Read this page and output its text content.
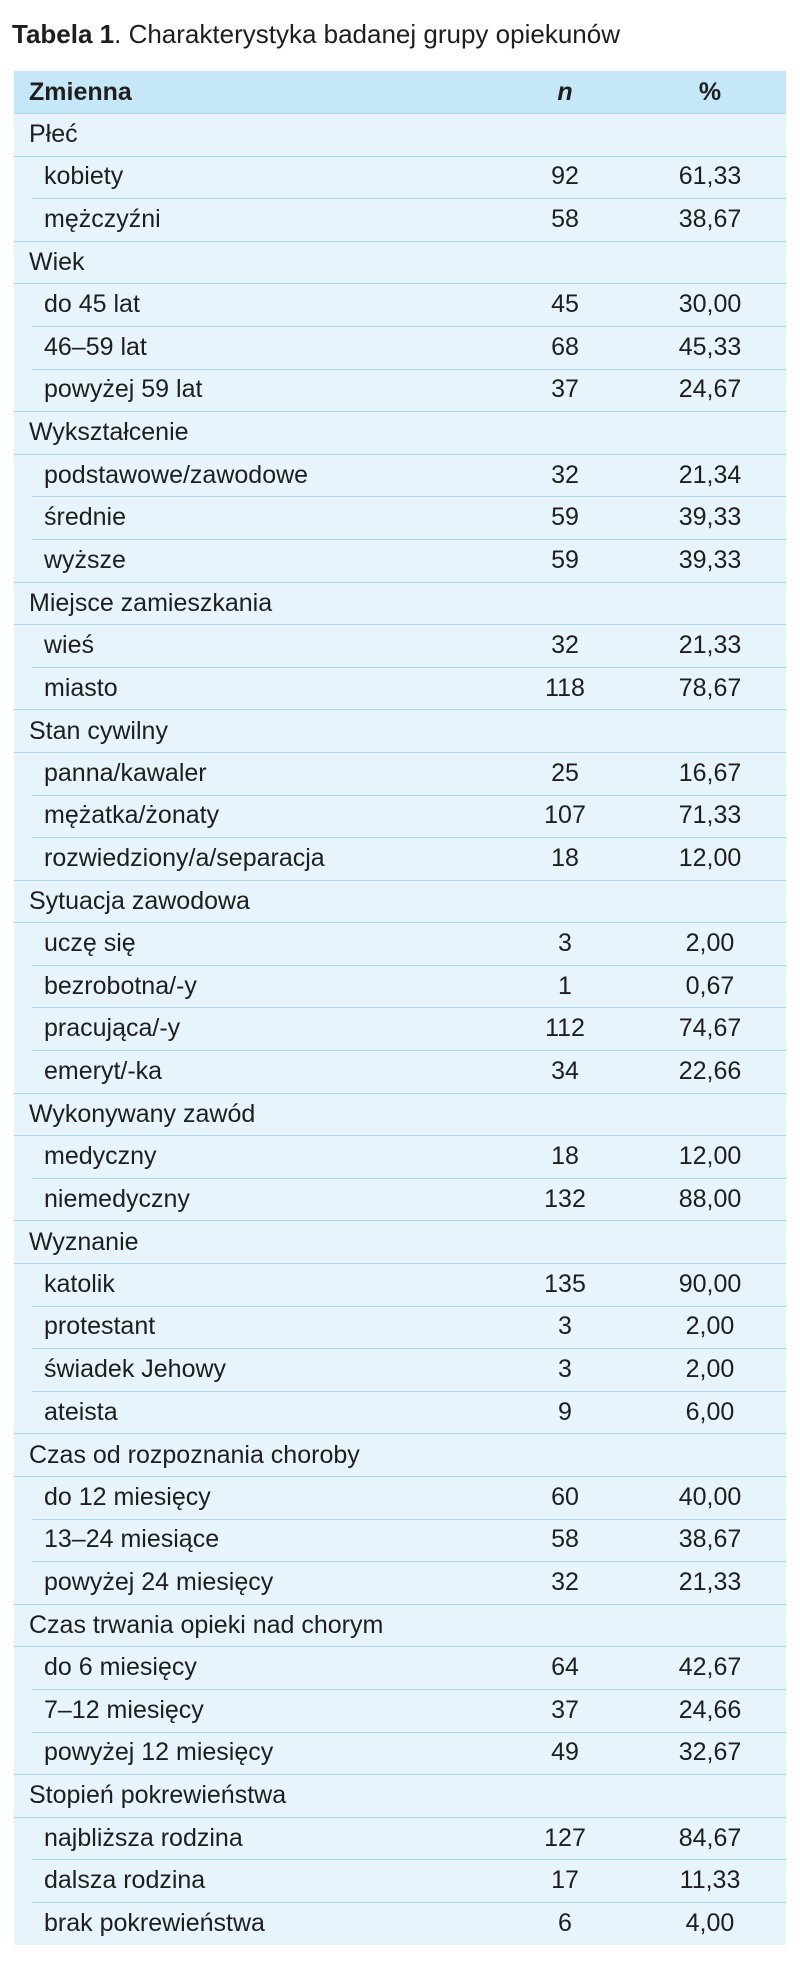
Tabela 1. Charakterystyka badanej grupy opiekunów
Zmienna	n	%
Płeć
kobiety	92	61,33
mężczyźni	58	38,67
Wiek
do 45 lat	45	30,00
46–59 lat	68	45,33
powyżej 59 lat	37	24,67
Wykształcenie
podstawowe/zawodowe	32	21,34
średnie	59	39,33
wyższe	59	39,33
Miejsce zamieszkania
wieś	32	21,33
miasto	118	78,67
Stan cywilny
panna/kawaler	25	16,67
mężatka/żonaty	107	71,33
rozwiedziony/a/separacja	18	12,00
Sytuacja zawodowa
uczę się	3	2,00
bezrobotna/-y	1	0,67
pracująca/-y	112	74,67
emeryt/-ka	34	22,66
Wykonywany zawód
medyczny	18	12,00
niemedyczny	132	88,00
Wyznanie
katolik	135	90,00
protestant	3	2,00
świadek Jehowy	3	2,00
ateista	9	6,00
Czas od rozpoznania choroby
do 12 miesięcy	60	40,00
13–24 miesiące	58	38,67
powyżej 24 miesięcy	32	21,33
Czas trwania opieki nad chorym
do 6 miesięcy	64	42,67
7–12 miesięcy	37	24,66
powyżej 12 miesięcy	49	32,67
Stopień pokrewieństwa
najbliższa rodzina	127	84,67
dalsza rodzina	17	11,33
brak pokrewieństwa	6	4,00
